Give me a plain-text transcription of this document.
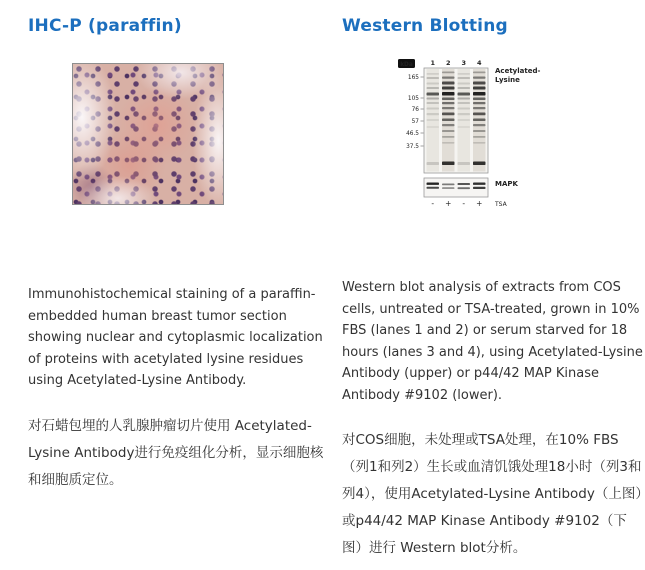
IHC-P (paraffin)

Immunohistochemical staining of a paraffin-embedded human breast tumor section showing nuclear and cytoplasmic localization of proteins with acetylated lysine residues using Acetylated-Lysine Antibody.

对石蜡包埋的人乳腺肿瘤切片使用 Acetylated-Lysine Antibody进行免疫组化分析，显示细胞核和细胞质定位。

Western Blotting
kDa	1 2 3 4
165
105
76
57
46.5
37.5
Acetylated-
Lysine
MAPK
- + - + TSA

Western blot analysis of extracts from COS cells, untreated or TSA-treated, grown in 10% FBS (lanes 1 and 2) or serum starved for 18 hours (lanes 3 and 4), using Acetylated-Lysine Antibody (upper) or p44/42 MAP Kinase Antibody #9102 (lower).

对COS细胞，未处理或TSA处理，在10% FBS（列1和列2）生长或血清饥饿处理18小时（列3和列4），使用Acetylated-Lysine Antibody（上图）或p44/42 MAP Kinase Antibody #9102（下图）进行 Western blot分析。
